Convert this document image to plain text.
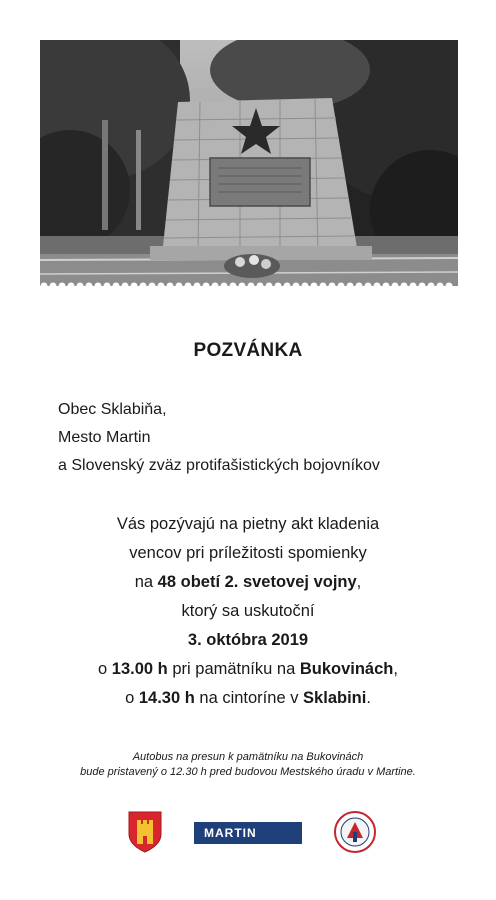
POZVÁNKA
Obec Sklabiňa,
Mesto Martin
a Slovenský zväz protifašistických bojovníkov
Vás pozývajú na pietny akt kladenia
vencov pri príležitosti spomienky
na 48 obetí 2. svetovej vojny,
ktorý sa uskutoční
3. októbra 2019
o 13.00 h pri pamätníku na Bukovinách,
o 14.30 h na cintoríne v Sklabini.
Autobus na presun k pamätníku na Bukovinách
bude pristavený o 12.30 h pred budovou Mestského úradu v Martine.
MARTIN
